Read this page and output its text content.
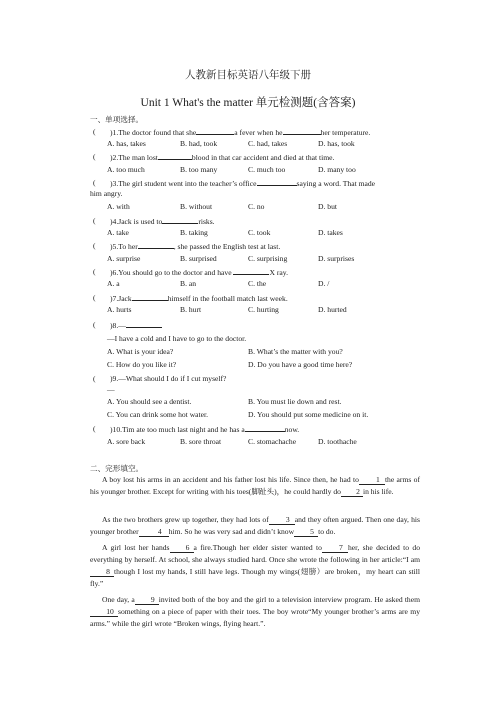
人教新目标英语八年级下册
Unit 1 What's the matter 单元检测题(含答案)
一、单项选择。
( )1.The doctor found that she	a fever when he	her temperature.
A. has, takes	B. had, took	C. had, takes	D. has, took
( )2.The man lost	blood in that car accident and died at that time.
A. too much	B. too many	C. much too	D. many too
( )3.The girl student went into the teacher’s office	saying a word. That made
him angry.
A. with	B. without	C. no	D. but
( )4.Jack is used to	risks.
A. take	B. taking	C. took	D. takes
( )5.To her	, she passed the English test at last.
A. surprise	B. surprised	C. surprising	D. surprises
( )6.You should go to the doctor and have	X ray.
A. a	B. an	C. the	D. /
( )7.Jack	himself in the football match last week.
A. hurts	B. hurt	C. hurting	D. hurted
( )8.—
—I have a cold and I have to go to the doctor.
A. What is your idea?	B. What’s the matter with you?
C. How do you like it?	D. Do you have a good time here?
( )9.—What should I do if I cut myself?
—
A. You should see a dentist.	B. You must lie down and rest.
C. You can drink some hot water.	D. You should put some medicine on it.
( )10.Tim ate too much last night and he has a	now.
A. sore back	B. sore throat	C. stomachache	D. toothache
二、完形填空。
A boy lost his arms in an accident and his father lost his life. Since then, he had to 1 the arms of his younger brother. Except for writing with his toes(脚趾头)，he could hardly do 2 in his life.
As the two brothers grew up together, they had lots of 3 and they often argued. Then one day, his younger brother	4 him. So he was very sad and didn’t know 5 to do.
A girl lost her hands 6 a fire.Though her elder sister wanted to 7 her, she decided to do everything by herself. At school, she always studied hard. Once she wrote the following in her article:“I am8 though I lost my hands, I still have legs. Though my wings(翅膀）are broken，my heart can still fly.”
One day, a 9 invited both of the boy and the girl to a television interview program. He asked them10 something on a piece of paper with their toes. The boy wrote“My younger brother’s arms are my arms.” while the girl wrote “Broken wings, flying heart.”.
